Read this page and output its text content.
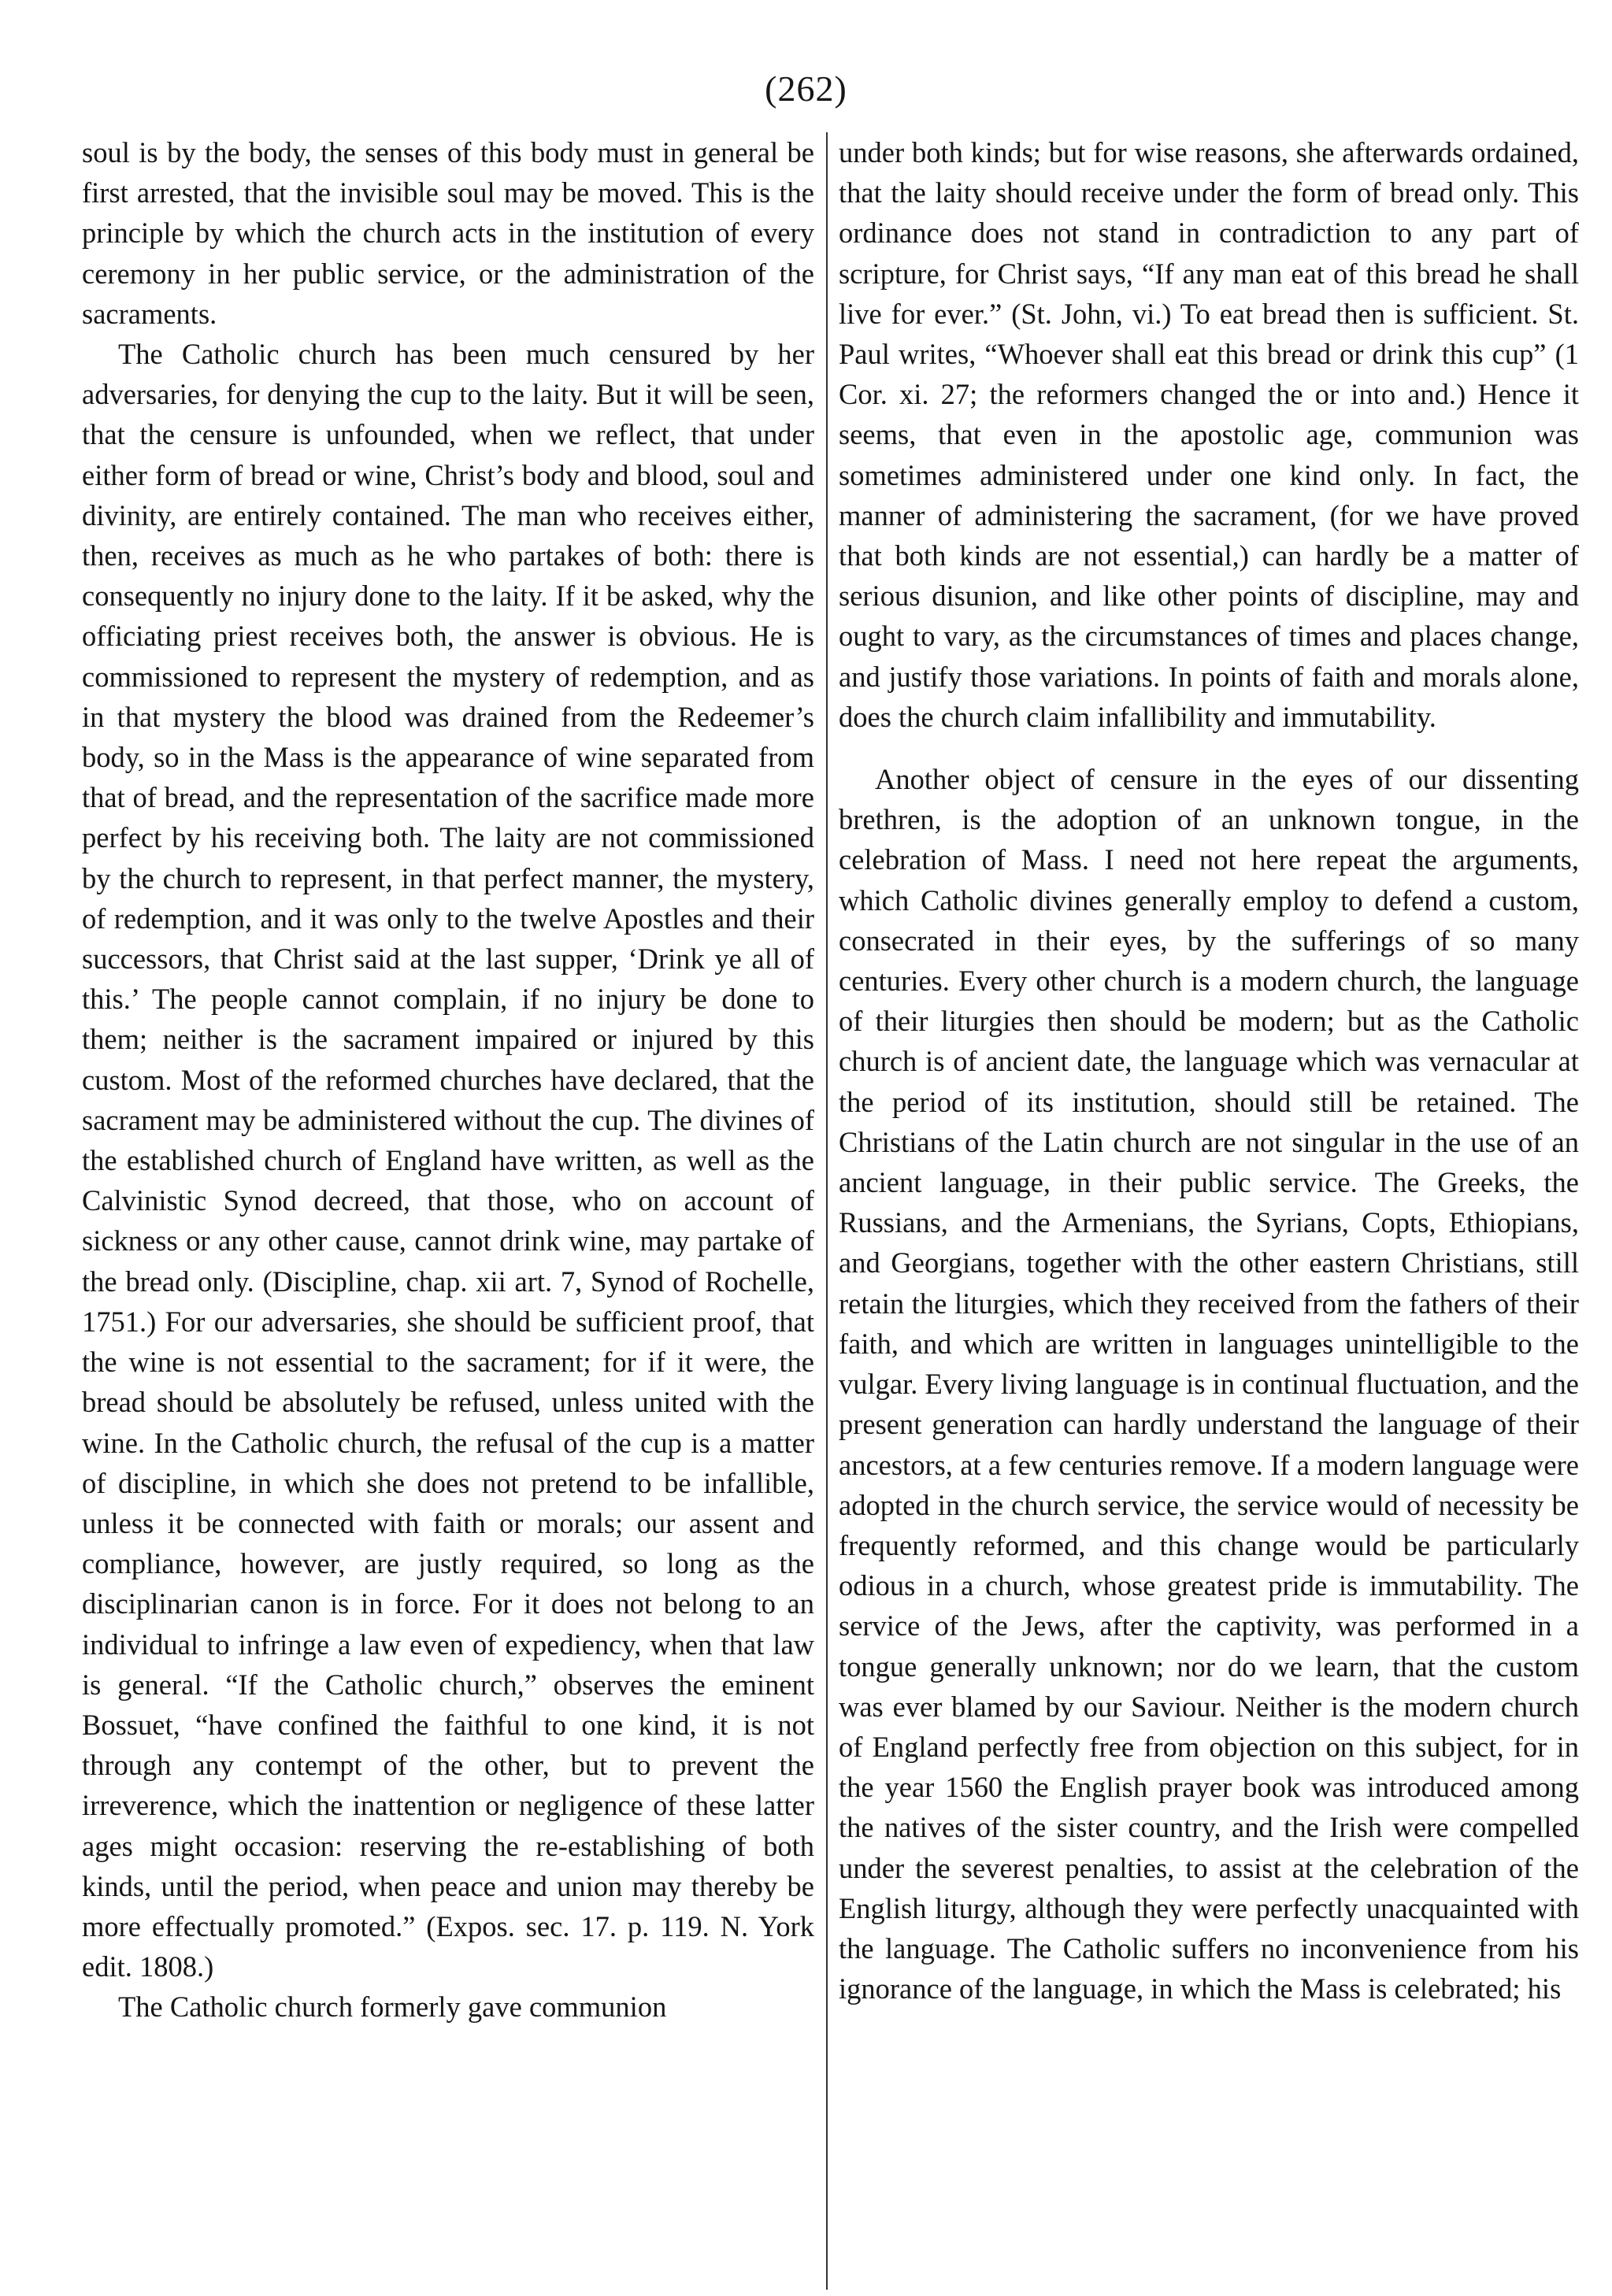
(262)

soul is by the body, the senses of this body must in general be first arrested, that the invisible soul may be moved. This is the principle by which the church acts in the institution of every ceremony in her public service, or the administration of the sacraments.

The Catholic church has been much censured by her adversaries, for denying the cup to the laity. But it will be seen, that the censure is unfounded, when we reflect, that under either form of bread or wine, Christ’s body and blood, soul and divinity, are entirely contained. The man who receives either, then, receives as much as he who partakes of both: there is consequently no injury done to the laity. If it be asked, why the officiating priest receives both, the answer is obvious. He is commissioned to represent the mystery of redemption, and as in that mystery the blood was drained from the Redeemer’s body, so in the Mass is the appearance of wine separated from that of bread, and the representation of the sacrifice made more perfect by his receiving both. The laity are not commissioned by the church to represent, in that perfect manner, the mystery, of redemption, and it was only to the twelve Apostles and their successors, that Christ said at the last supper, ‘Drink ye all of this.’ The people cannot complain, if no injury be done to them; neither is the sacrament impaired or injured by this custom. Most of the reformed churches have declared, that the sacrament may be administered without the cup. The divines of the established church of England have written, as well as the Calvinistic Synod decreed, that those, who on account of sickness or any other cause, cannot drink wine, may partake of the bread only. (Discipline, chap. xii art. 7, Synod of Rochelle, 1751.) For our adversaries, she should be sufficient proof, that the wine is not essential to the sacrament; for if it were, the bread should be absolutely be refused, unless united with the wine. In the Catholic church, the refusal of the cup is a matter of discipline, in which she does not pretend to be infallible, unless it be connected with faith or morals; our assent and compliance, however, are justly required, so long as the disciplinarian canon is in force. For it does not belong to an individual to infringe a law even of expediency, when that law is general. “If the Catholic church,” observes the eminent Bossuet, “have confined the faithful to one kind, it is not through any contempt of the other, but to prevent the irreverence, which the inattention or negligence of these latter ages might occasion: reserving the re-establishing of both kinds, until the period, when peace and union may thereby be more effectually promoted.” (Expos. sec. 17. p. 119. N. York edit. 1808.)

The Catholic church formerly gave communion

under both kinds; but for wise reasons, she afterwards ordained, that the laity should receive under the form of bread only. This ordinance does not stand in contradiction to any part of scripture, for Christ says, “If any man eat of this bread he shall live for ever.” (St. John, vi.) To eat bread then is sufficient. St. Paul writes, “Whoever shall eat this bread or drink this cup” (1 Cor. xi. 27; the reformers changed the or into and.) Hence it seems, that even in the apostolic age, communion was sometimes administered under one kind only. In fact, the manner of administering the sacrament, (for we have proved that both kinds are not essential,) can hardly be a matter of serious disunion, and like other points of discipline, may and ought to vary, as the circumstances of times and places change, and justify those variations. In points of faith and morals alone, does the church claim infallibility and immutability.

Another object of censure in the eyes of our dissenting brethren, is the adoption of an unknown tongue, in the celebration of Mass. I need not here repeat the arguments, which Catholic divines generally employ to defend a custom, consecrated in their eyes, by the sufferings of so many centuries. Every other church is a modern church, the language of their liturgies then should be modern; but as the Catholic church is of ancient date, the language which was vernacular at the period of its institution, should still be retained. The Christians of the Latin church are not singular in the use of an ancient language, in their public service. The Greeks, the Russians, and the Armenians, the Syrians, Copts, Ethiopians, and Georgians, together with the other eastern Christians, still retain the liturgies, which they received from the fathers of their faith, and which are written in languages unintelligible to the vulgar. Every living language is in continual fluctuation, and the present generation can hardly understand the language of their ancestors, at a few centuries remove. If a modern language were adopted in the church service, the service would of necessity be frequently reformed, and this change would be particularly odious in a church, whose greatest pride is immutability. The service of the Jews, after the captivity, was performed in a tongue generally unknown; nor do we learn, that the custom was ever blamed by our Saviour. Neither is the modern church of England perfectly free from objection on this subject, for in the year 1560 the English prayer book was introduced among the natives of the sister country, and the Irish were compelled under the severest penalties, to assist at the celebration of the English liturgy, although they were perfectly unacquainted with the language. The Catholic suffers no inconvenience from his ignorance of the language, in which the Mass is celebrated; his
